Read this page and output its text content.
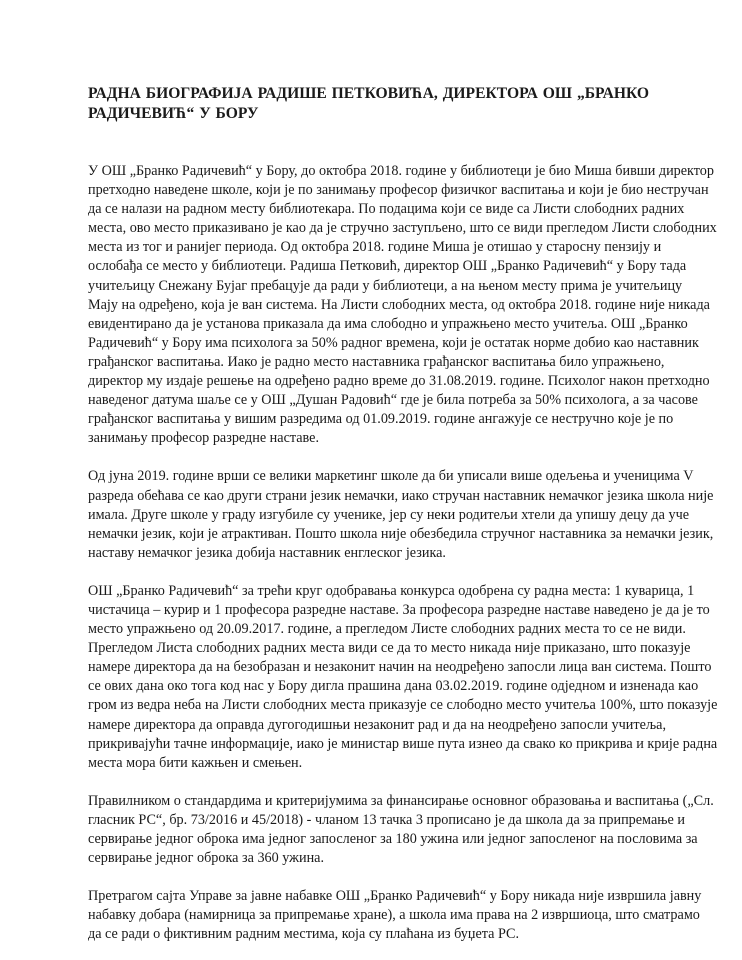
РАДНА БИОГРАФИЈА РАДИШЕ ПЕТКОВИЋА, ДИРЕКТОРА ОШ „БРАНКО
РАДИЧЕВИЋ“ У БОРУ

У ОШ „Бранко Радичевић“ у Бору, до октобра 2018. године у библиотеци је био Миша бивши директор
претходно наведене школе, који је по занимању професор физичког васпитања и који је био нестручан
да се налази на радном месту библиотекара. По подацима који се виде са Листи слободних радних
места, ово место приказивано је као да је стручно заступљено, што се види прегледом Листи слободних
места из тог и ранијег периода. Од октобра 2018. године Миша је отишао у старосну пензију и
ослобађа се место у библиотеци. Радиша Петковић, директор ОШ „Бранко Радичевић“ у Бору тада
учитељицу Снежану Бујаг пребацује да ради у библиотеци, а на њеном месту прима је учитељицу
Мају на одређено, која је ван система. На Листи слободних места, од октобра 2018. године није никада
евидентирано да је установа приказала да има слободно и упражњено место учитеља. ОШ „Бранко
Радичевић“ у Бору има психолога за 50% радног времена, који је остатак норме добио као наставник
грађанског васпитања. Иако је радно место наставника грађанског васпитања било упражњено,
директор му издаје решење на одређено радно време до 31.08.2019. године. Психолог након претходно
наведеног датума шаље се у ОШ „Душан Радовић“ где је била потреба за 50% психолога, а за часове
грађанског васпитања у вишим разредима од 01.09.2019. године ангажује се нестручно које је по
занимању професор разредне наставе.

Од јуна 2019. године врши се велики маркетинг школе да би уписали више одељења и ученицима V
разреда обећава се као други страни језик немачки, иако стручан наставник немачког језика школа није
имала. Друге школе у граду изгубиле су ученике, јер су неки родитељи хтели да упишу децу да уче
немачки језик, који је атрактиван. Пошто школа није обезбедила стручног наставника за немачки језик,
наставу немачког језика добија наставник енглеског језика.

ОШ „Бранко Радичевић“ за трећи круг одобравања конкурса одобрена су радна места: 1 куварица, 1
чистачица – курир и 1 професора разредне наставе. За професора разредне наставе наведено је да је то
место упражњено од 20.09.2017. године, а прегледом Листе слободних радних места то се не види.
Прегледом Листа слободних радних места види се да то место никада није приказано, што показује
намере директора да на безобразан и незаконит начин на неодређено запосли лица ван система. Пошто
се ових дана око тога код нас у Бору дигла прашина дана 03.02.2019. године одједном и изненада као
гром из ведра неба на Листи слободних места приказује се слободно место учитеља 100%, што показује
намере директора да оправда дугогодишњи незаконит рад и да на неодређено запосли учитеља,
прикривајући тачне информације, иако је министар више пута изнео да свако ко прикрива и крије радна
места мора бити кажњен и смењен.

Правилником о стандардима и критеријумима за финансирање основног образовања и васпитања („Сл.
гласник РС“, бр. 73/2016 и 45/2018) - чланом 13 тачка 3 прописано је да школа да за припремање и
сервирање једног оброка има једног запосленог за 180 ужина или једног запосленог на пословима за
сервирање једног оброка за 360 ужина.

Претрагом сајта Управе за јавне набавке ОШ „Бранко Радичевић“ у Бору никада није извршила јавну
набавку добара (намирница за припремање хране), а школа има права на 2 извршиоца, што сматрамо
да се ради о фиктивним радним местима, која су плаћана из буџета РС.
